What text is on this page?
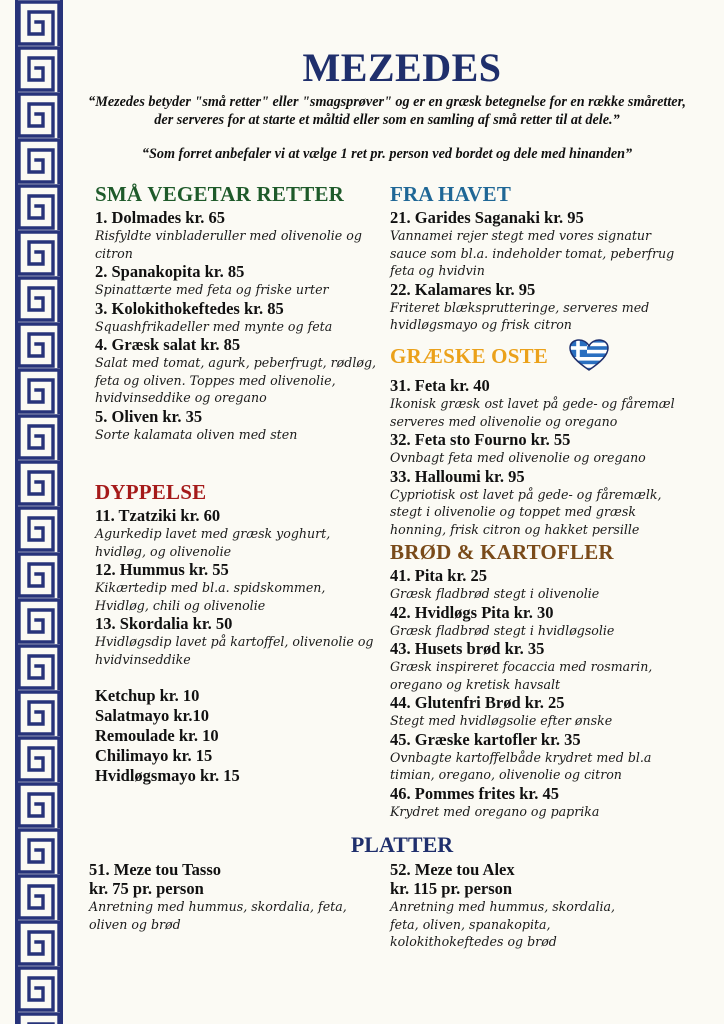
MEZEDES
“Mezedes betyder "små retter" eller "smagsprøver" og er en græsk betegnelse for en række småretter, der serveres for at starte et måltid eller som en samling af små retter til at dele.”
“Som forret anbefaler vi at vælge 1 ret pr. person ved bordet og dele med hinanden”
SMÅ VEGETAR RETTER
1. Dolmades kr. 65
Risfyldte vinbladeruller med olivenolie og citron
2. Spanakopita kr. 85
Spinattærte med feta og friske urter
3. Kolokithokeftedes kr. 85
Squashfrikadeller med mynte og feta
4. Græsk salat kr. 85
Salat med tomat, agurk, peberfrugt, rødløg, feta og oliven. Toppes med olivenolie, hvidvinseddike og oregano
5. Oliven kr. 35
Sorte kalamata oliven med sten
DYPPELSE
11. Tzatziki kr. 60
Agurkedip lavet med græsk yoghurt, hvidløg, og olivenolie
12. Hummus kr. 55
Kikærtedip med bl.a. spidskommen, Hvidløg, chili og olivenolie
13. Skordalia kr. 50
Hvidløgsdip lavet på kartoffel, olivenolie og hvidvinseddike
Ketchup kr. 10
Salatmayo kr.10
Remoulade kr. 10
Chilimayo kr. 15
Hvidløgsmayo kr. 15
FRA HAVET
21. Garides Saganaki kr. 95
Vannamei rejer stegt med vores signatur sauce som bl.a. indeholder tomat, peberfrug feta og hvidvin
22. Kalamares kr. 95
Friteret blæksprutteringe, serveres med hvidløgsmayo og frisk citron
GRÆSKE OSTE
31. Feta kr. 40
Ikonisk græsk ost lavet på gede- og fåremæl serveres med olivenolie og oregano
32. Feta sto Fourno kr. 55
Ovnbagt feta med olivenolie og oregano
33. Halloumi kr. 95
Cypriotisk ost lavet på gede- og fåremælk, stegt i olivenolie og toppet med græsk honning, frisk citron og hakket persille
BRØD & KARTOFLER
41. Pita kr. 25
Græsk fladbrød stegt i olivenolie
42. Hvidløgs Pita kr. 30
Græsk fladbrød stegt i hvidløgsolie
43. Husets brød kr. 35
Græsk inspireret focaccia med rosmarin, oregano og kretisk havsalt
44. Glutenfri Brød kr. 25
Stegt med hvidløgsolie efter ønske
45. Græske kartofler kr. 35
Ovnbagte kartoffelbåde krydret med bl.a timian, oregano, olivenolie og citron
46. Pommes frites kr. 45
Krydret med oregano og paprika
PLATTER
51. Meze tou Tasso
kr. 75 pr. person
Anretning med hummus, skordalia, feta, oliven og brød
52. Meze tou Alex
kr. 115 pr. person
Anretning med hummus, skordalia, feta, oliven, spanakopita, kolokithokeftedes og brød
